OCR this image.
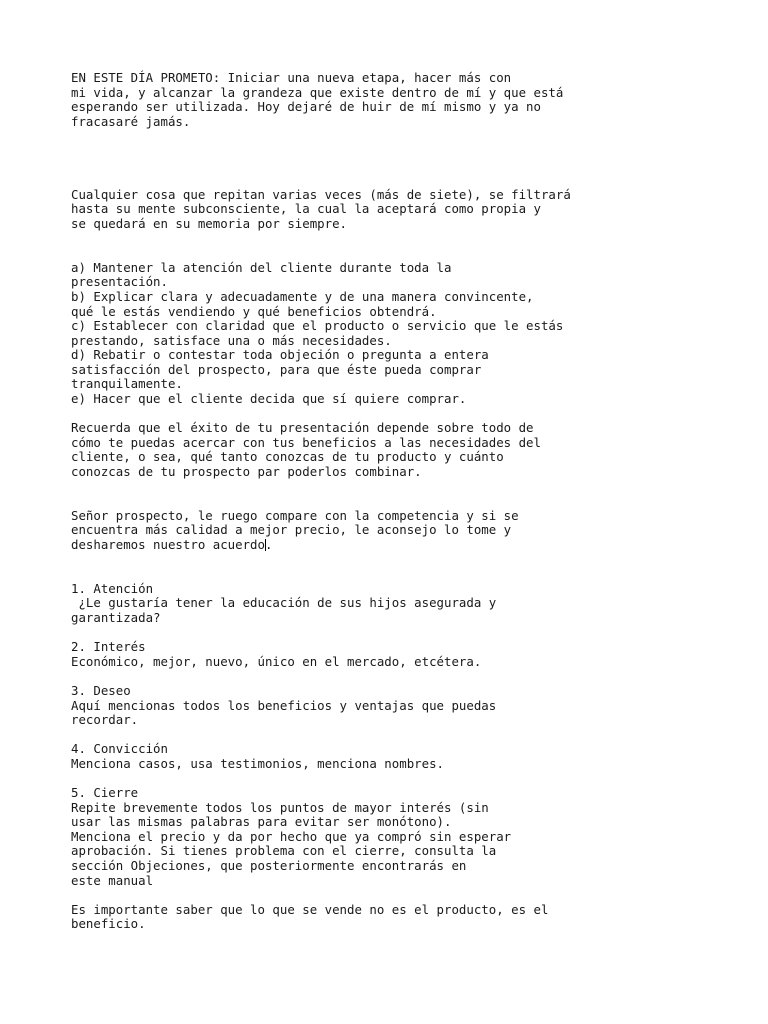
EN ESTE DÍA PROMETO: Iniciar una nueva etapa, hacer más con
mi vida, y alcanzar la grandeza que existe dentro de mí y que está
esperando ser utilizada. Hoy dejaré de huir de mí mismo y ya no
fracasaré jamás.
Cualquier cosa que repitan varias veces (más de siete), se filtrará
hasta su mente subconsciente, la cual la aceptará como propia y
se quedará en su memoria por siempre.
a) Mantener la atención del cliente durante toda la
presentación.
b) Explicar clara y adecuadamente y de una manera convincente,
qué le estás vendiendo y qué beneficios obtendrá.
c) Establecer con claridad que el producto o servicio que le estás
prestando, satisface una o más necesidades.
d) Rebatir o contestar toda objeción o pregunta a entera
satisfacción del prospecto, para que éste pueda comprar
tranquilamente.
e) Hacer que el cliente decida que sí quiere comprar.
Recuerda que el éxito de tu presentación depende sobre todo de
cómo te puedas acercar con tus beneficios a las necesidades del
cliente, o sea, qué tanto conozcas de tu producto y cuánto
conozcas de tu prospecto par poderlos combinar.
Señor prospecto, le ruego compare con la competencia y si se
encuentra más calidad a mejor precio, le aconsejo lo tome y
desharemos nuestro acuerdo.
1. Atención
¿Le gustaría tener la educación de sus hijos asegurada y
garantizada?
2. Interés
Económico, mejor, nuevo, único en el mercado, etcétera.
3. Deseo
Aquí mencionas todos los beneficios y ventajas que puedas
recordar.
4. Convicción
Menciona casos, usa testimonios, menciona nombres.
5. Cierre
Repite brevemente todos los puntos de mayor interés (sin
usar las mismas palabras para evitar ser monótono).
Menciona el precio y da por hecho que ya compró sin esperar
aprobación. Si tienes problema con el cierre, consulta la
sección Objeciones, que posteriormente encontrarás en
este manual
Es importante saber que lo que se vende no es el producto, es el
beneficio.
